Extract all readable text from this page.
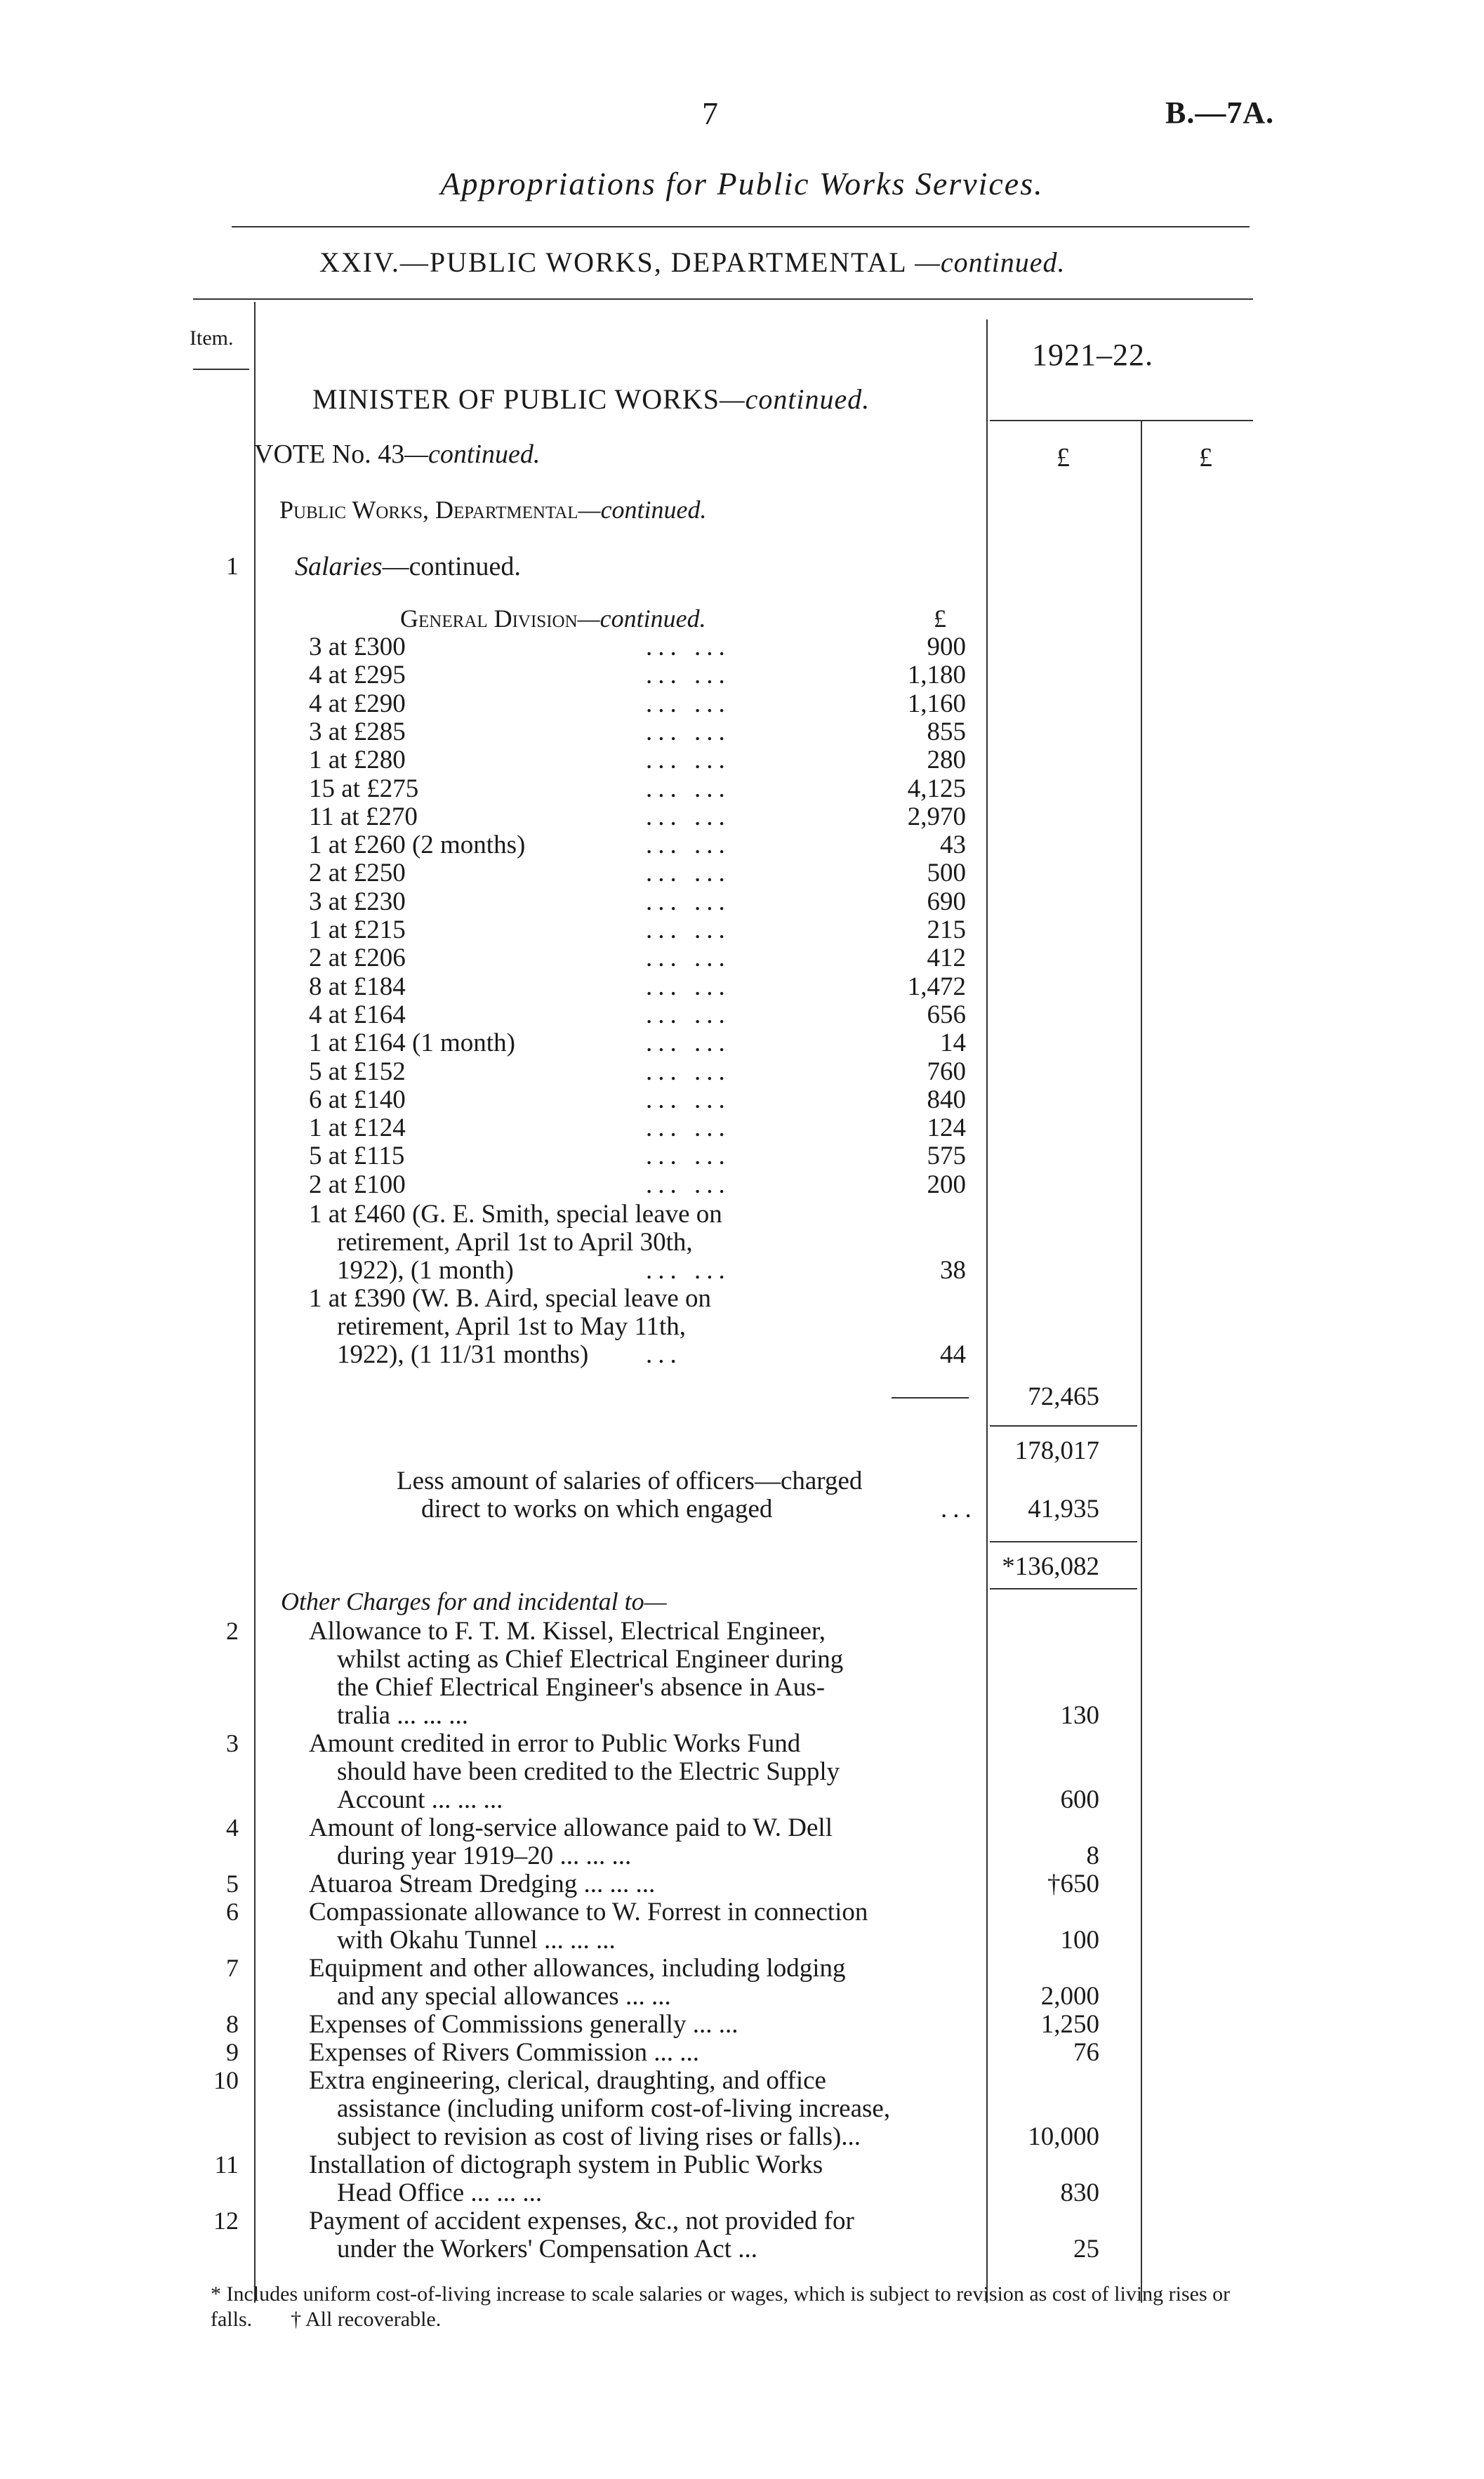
7	B.—7A.
Appropriations for Public Works Services.
XXIV.—PUBLIC WORKS, DEPARTMENTAL —continued.
Item.	1921–22.
£	£
MINISTER OF PUBLIC WORKS—continued.
VOTE No. 43—continued.
Public Works, Departmental—continued.
1 Salaries—continued.
General Division—continued.	£
3 at £300	... ...	900
4 at £295	... ...	1,180
4 at £290	... ...	1,160
3 at £285	... ...	855
1 at £280	... ...	280
15 at £275	... ...	4,125
11 at £270	... ...	2,970
1 at £260 (2 months)	... ...	43
2 at £250	... ...	500
3 at £230	... ...	690
1 at £215	... ...	215
2 at £206	... ...	412
8 at £184	... ...	1,472
4 at £164	... ...	656
1 at £164 (1 month)	... ...	14
5 at £152	... ...	760
6 at £140	... ...	840
1 at £124	... ...	124
5 at £115	... ...	575
2 at £100	... ...	200
1 at £460 (G. E. Smith, special leave on
retirement, April 1st to April 30th,
1922), (1 month)	... ...	38
1 at £390 (W. B. Aird, special leave on
retirement, April 1st to May 11th,
1922), (1 11/31 months) ...	44
72,465
178,017
Less amount of salaries of officers—charged
direct to works on which engaged	... 41,935
*136,082
Other Charges for and incidental to—
2	Allowance to F. T. M. Kissel, Electrical Engineer,
whilst acting as Chief Electrical Engineer during
the Chief Electrical Engineer's absence in Aus-
tralia ... ... ...	130
3	Amount credited in error to Public Works Fund
should have been credited to the Electric Supply
Account ... ... ...	600
4	Amount of long-service allowance paid to W. Dell
during year 1919–20 ... ... ...	8
5	Atuaroa Stream Dredging ... ... ...	†650
6	Compassionate allowance to W. Forrest in connection
with Okahu Tunnel ... ... ...	100
7	Equipment and other allowances, including lodging
and any special allowances ... ...	2,000
8	Expenses of Commissions generally ... ...	1,250
9	Expenses of Rivers Commission ... ...	76
10	Extra engineering, clerical, draughting, and office
assistance (including uniform cost-of-living increase,
subject to revision as cost of living rises or falls)...	10,000
11	Installation of dictograph system in Public Works
Head Office ... ... ...	830
12	Payment of accident expenses, &c., not provided for
under the Workers' Compensation Act ...	25
* Includes uniform cost-of-living increase to scale salaries or wages, which is subject to revision as cost of living rises or falls. † All recoverable.
